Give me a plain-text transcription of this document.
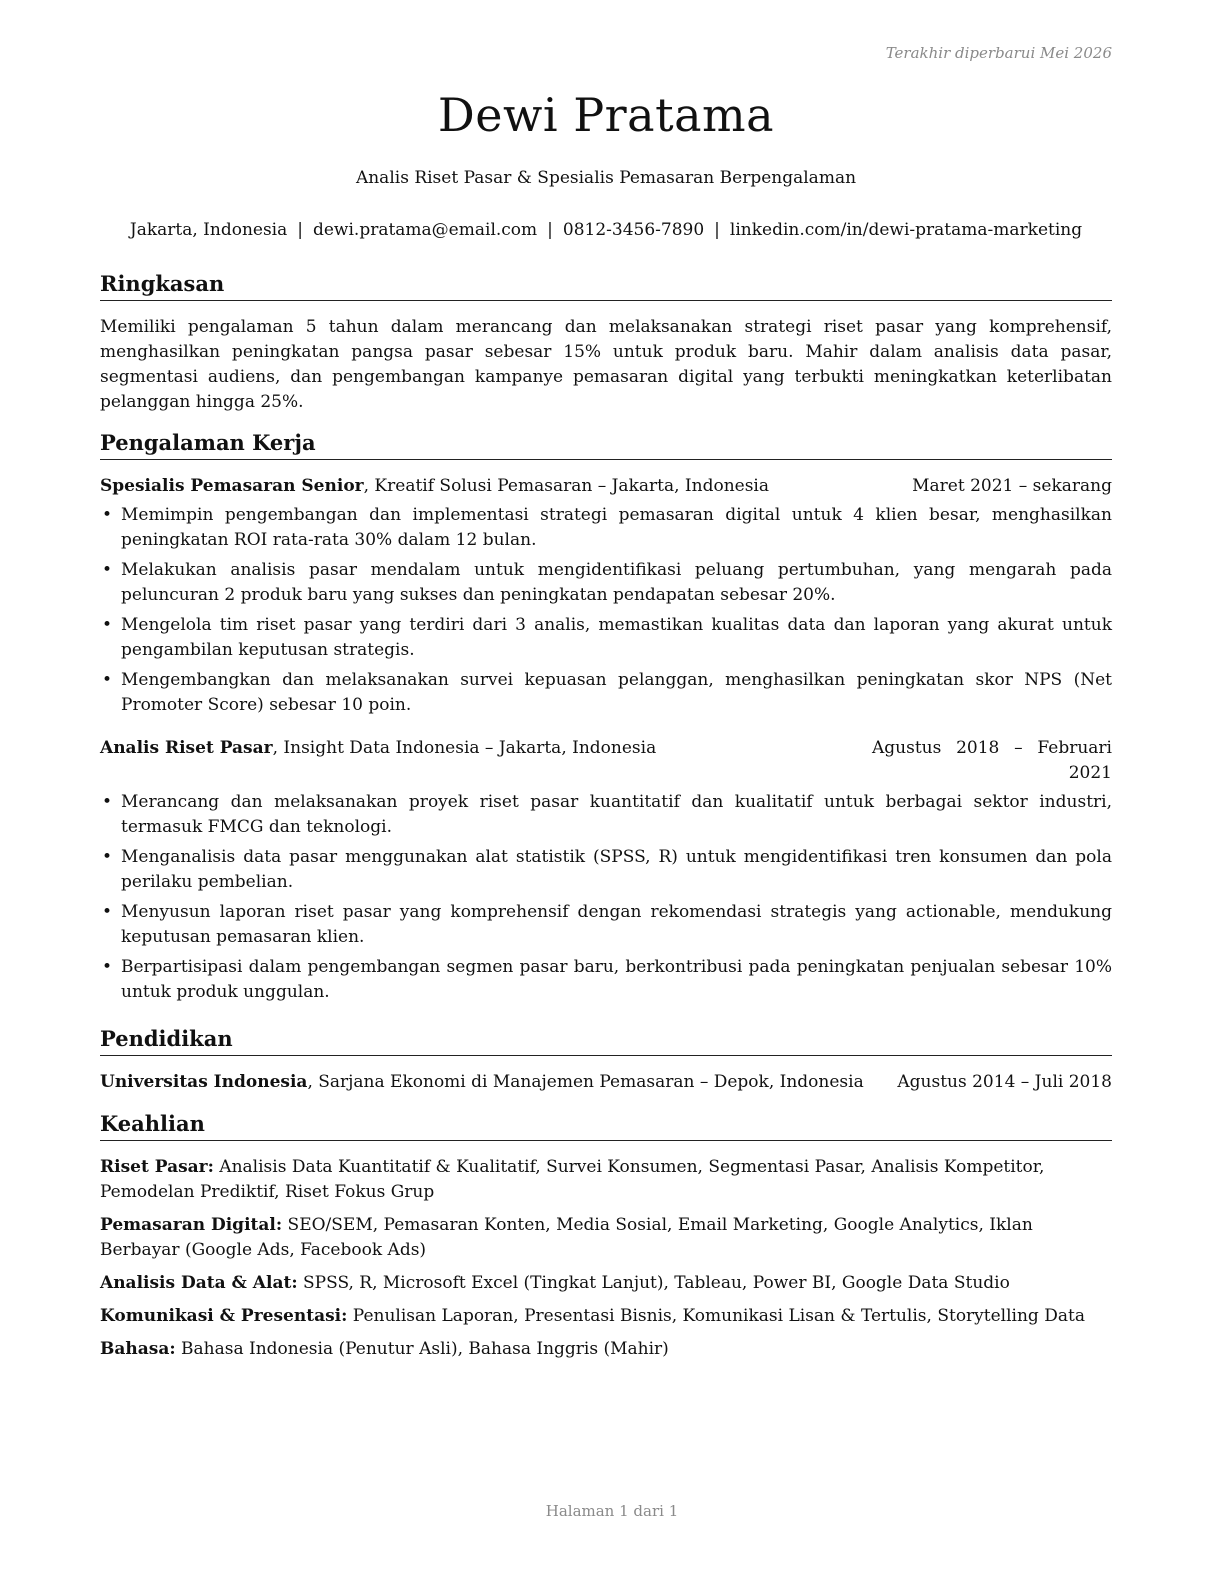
Terakhir diperbarui Mei 2026
Dewi Pratama
Analis Riset Pasar & Spesialis Pemasaran Berpengalaman
Jakarta, Indonesia | dewi.pratama@email.com | 0812-3456-7890 | linkedin.com/in/dewi-pratama-marketing
Ringkasan

Memiliki pengalaman 5 tahun dalam merancang dan melaksanakan strategi riset pasar yang komprehensif, menghasilkan peningkatan pangsa pasar sebesar 15% untuk produk baru. Mahir dalam analisis data pasar, segmentasi audiens, dan pengembangan kampanye pemasaran digital yang terbukti meningkatkan keterlibatan pelanggan hingga 25%.

Pengalaman Kerja
Spesialis Pemasaran Senior, Kreatif Solusi Pemasaran – Jakarta, Indonesia	Maret 2021 – sekarang
• Memimpin pengembangan dan implementasi strategi pemasaran digital untuk 4 klien besar, menghasilkan peningkatan ROI rata-rata 30% dalam 12 bulan.
• Melakukan analisis pasar mendalam untuk mengidentifikasi peluang pertumbuhan, yang mengarah pada peluncuran 2 produk baru yang sukses dan peningkatan pendapatan sebesar 20%.
• Mengelola tim riset pasar yang terdiri dari 3 analis, memastikan kualitas data dan laporan yang akurat untuk pengambilan keputusan strategis.
• Mengembangkan dan melaksanakan survei kepuasan pelanggan, menghasilkan peningkatan skor NPS (Net Promoter Score) sebesar 10 poin.
Analis Riset Pasar, Insight Data Indonesia – Jakarta, Indonesia	Agustus 2018 – Februari 2021
• Merancang dan melaksanakan proyek riset pasar kuantitatif dan kualitatif untuk berbagai sektor industri, termasuk FMCG dan teknologi.
• Menganalisis data pasar menggunakan alat statistik (SPSS, R) untuk mengidentifikasi tren konsumen dan pola perilaku pembelian.
• Menyusun laporan riset pasar yang komprehensif dengan rekomendasi strategis yang actionable, mendukung keputusan pemasaran klien.
• Berpartisipasi dalam pengembangan segmen pasar baru, berkontribusi pada peningkatan penjualan sebesar 10% untuk produk unggulan.
Pendidikan
Universitas Indonesia, Sarjana Ekonomi di Manajemen Pemasaran – Depok, Indonesia Agustus 2014 – Juli 2018
Keahlian
Riset Pasar: Analisis Data Kuantitatif & Kualitatif, Survei Konsumen, Segmentasi Pasar, Analisis Kompetitor, Pemodelan Prediktif, Riset Fokus Grup
Pemasaran Digital: SEO/SEM, Pemasaran Konten, Media Sosial, Email Marketing, Google Analytics, Iklan Berbayar (Google Ads, Facebook Ads)
Analisis Data & Alat: SPSS, R, Microsoft Excel (Tingkat Lanjut), Tableau, Power BI, Google Data Studio
Komunikasi & Presentasi: Penulisan Laporan, Presentasi Bisnis, Komunikasi Lisan & Tertulis, Storytelling Data
Bahasa: Bahasa Indonesia (Penutur Asli), Bahasa Inggris (Mahir)
Halaman 1 dari 1
